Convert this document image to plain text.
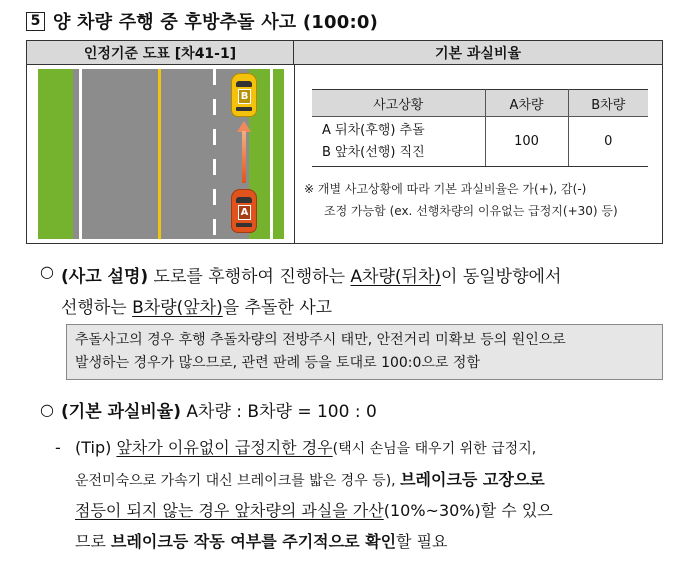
5 양 차량 주행 중 후방추돌 사고 (100:0)
인정기준 도표 [차41-1]	기본 과실비율
B
A
사고상황	A차량	B차량

A 뒤차(후행) 추돌
B 앞차(선행) 직진	100	0
※ 개별 사고상황에 따라 기본 과실비율은 가(+), 감(-)
조정 가능함 (ex. 선행차량의 이유없는 급정지(+30) 등)
○ (사고 설명) 도로를 후행하여 진행하는 A차량(뒤차)이 동일방향에서
선행하는 B차량(앞차)을 추돌한 사고
추돌사고의 경우 후행 추돌차량의 전방주시 태만, 안전거리 미확보 등의 원인으로
발생하는 경우가 많으므로, 관련 판례 등을 토대로 100:0으로 정함
○ (기본 과실비율) A차량 : B차량 = 100 : 0
- (Tip) 앞차가 이유없이 급정지한 경우(택시 손님을 태우기 위한 급정지,
운전미숙으로 가속기 대신 브레이크를 밟은 경우 등), 브레이크등 고장으로
점등이 되지 않는 경우 앞차량의 과실을 가산(10%~30%)할 수 있으
므로 브레이크등 작동 여부를 주기적으로 확인할 필요
